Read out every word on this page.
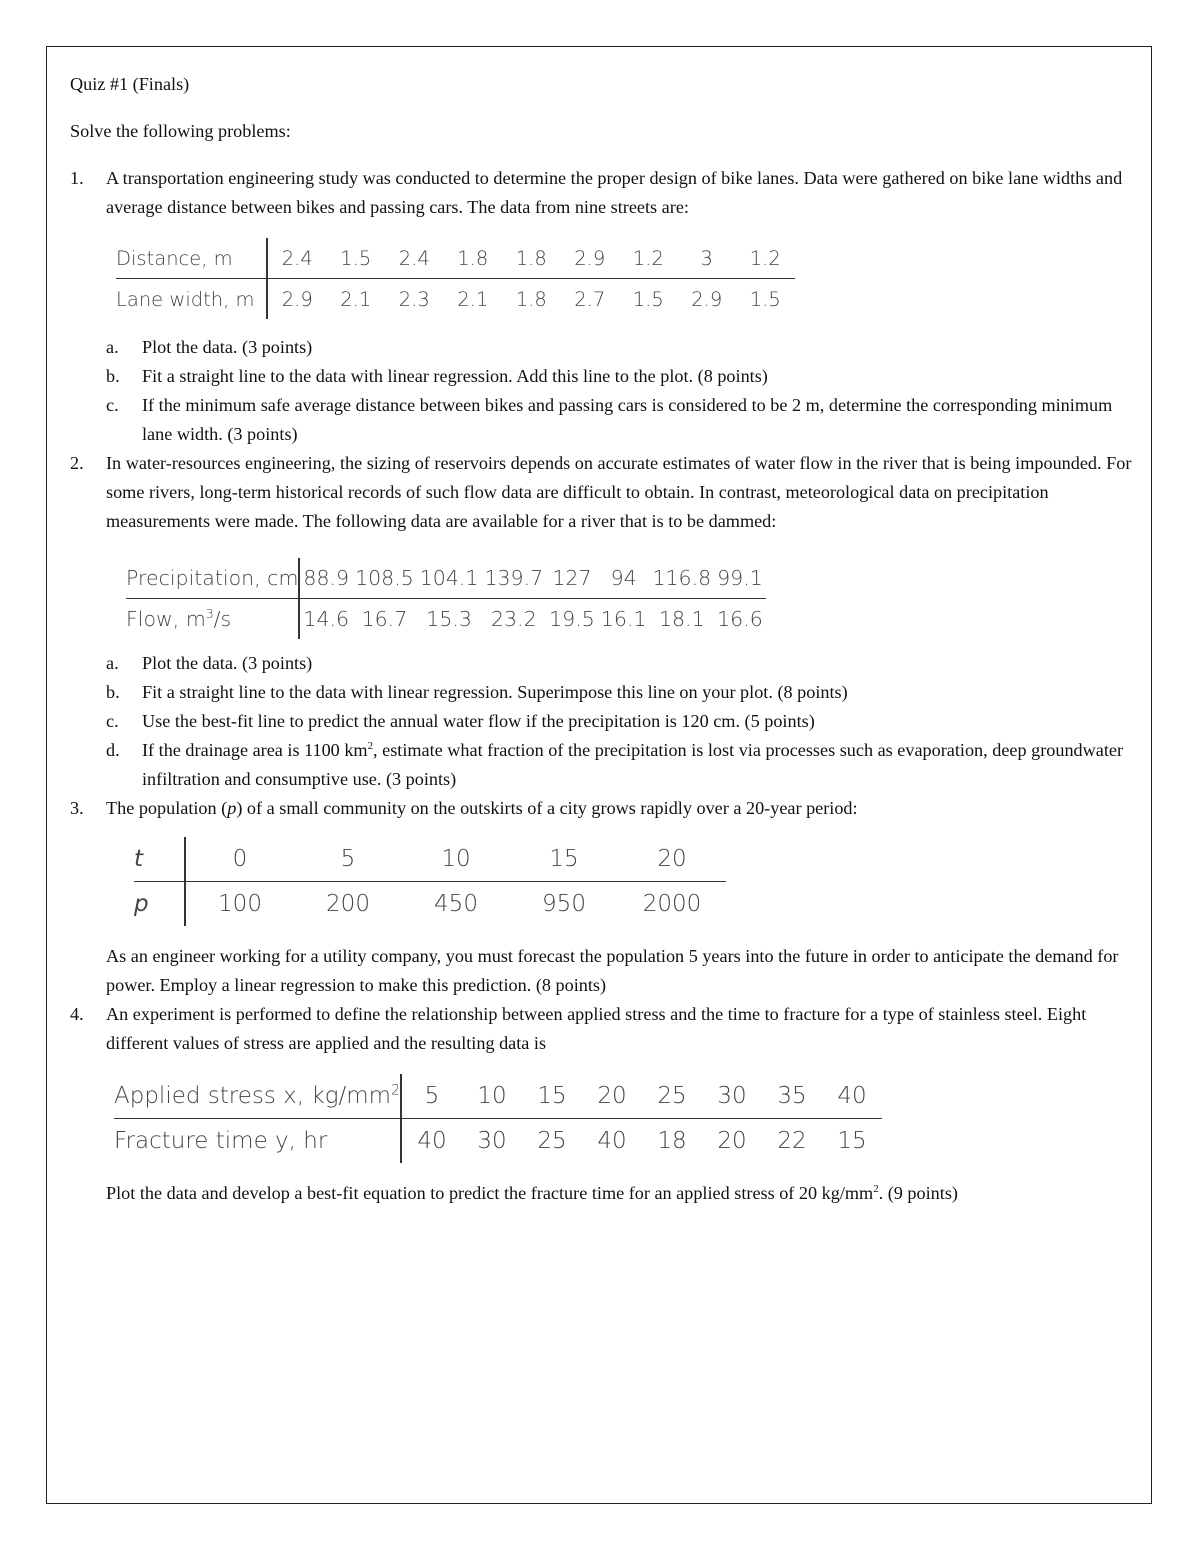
Quiz #1 (Finals)

Solve the following problems:

1.	A transportation engineering study was conducted to determine the proper design of bike lanes. Data were gathered on bike lane widths and average distance between bikes and passing cars. The data from nine streets are:
Distance, m	2.4	1.5	2.4	1.8	1.8	2.9	1.2	3	1.2
Lane width, m	2.9	2.1	2.3	2.1	1.8	2.7	1.5	2.9	1.5
a.	Plot the data. (3 points)
b.	Fit a straight line to the data with linear regression. Add this line to the plot. (8 points)
c.	If the minimum safe average distance between bikes and passing cars is considered to be 2 m, determine the corresponding minimum lane width. (3 points)
2.	In water-resources engineering, the sizing of reservoirs depends on accurate estimates of water flow in the river that is being impounded. For some rivers, long-term historical records of such flow data are difficult to obtain. In contrast, meteorological data on precipitation measurements were made. The following data are available for a river that is to be dammed:
Precipitation, cm	88.9	108.5	104.1	139.7	127	94	116.8	99.1
Flow, $m^3/s$	14.6	16.7	15.3	23.2	19.5	16.1	18.1	16.6
a.	Plot the data. (3 points)
b.	Fit a straight line to the data with linear regression. Superimpose this line on your plot. (8 points)
c.	Use the best-fit line to predict the annual water flow if the precipitation is 120 cm. (5 points)
d.	If the drainage area is 1100 $km^2$, estimate what fraction of the precipitation is lost via processes such as evaporation, deep groundwater infiltration and consumptive use. (3 points)
3.	The population (p) of a small community on the outskirts of a city grows rapidly over a 20-year period:
t	0	5	10	15	20
p	100	200	450	950	2000
As an engineer working for a utility company, you must forecast the population 5 years into the future in order to anticipate the demand for power. Employ a linear regression to make this prediction. (8 points)
4.	An experiment is performed to define the relationship between applied stress and the time to fracture for a type of stainless steel. Eight different values of stress are applied and the resulting data is
Applied stress x, $kg/mm^2$	5	10	15	20	25	30	35	40
Fracture time y, hr	40	30	25	40	18	20	22	15
Plot the data and develop a best-fit equation to predict the fracture time for an applied stress of 20 $kg/mm^2$. (9 points)
